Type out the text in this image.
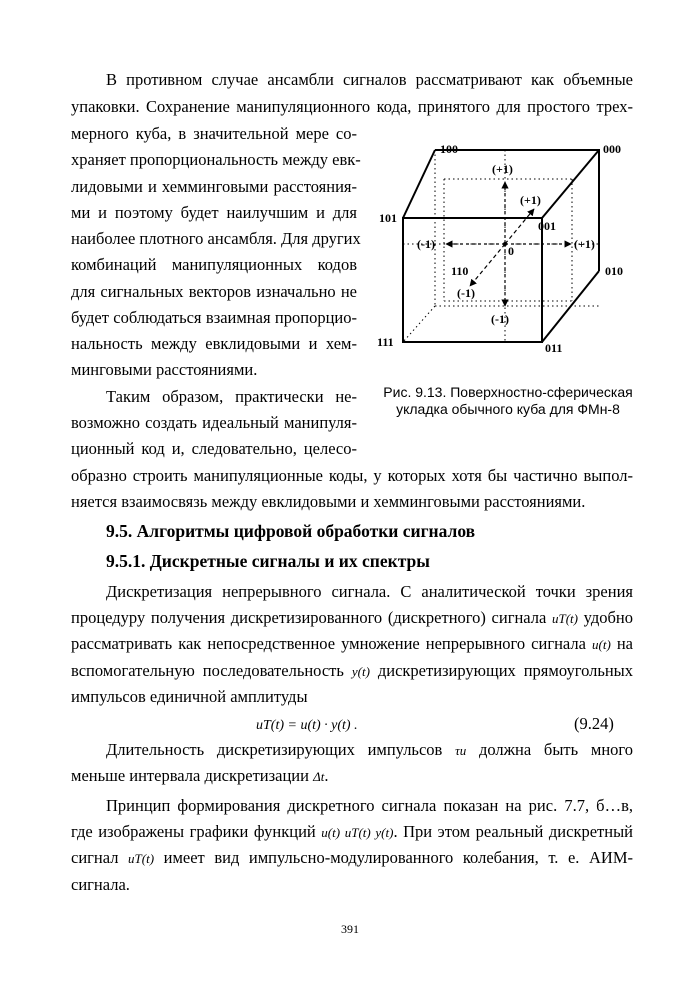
В противном случае ансамбли сигналов рассматривают как объемные
упаковки. Сохранение манипуляционного кода, принятого для простого трех-
мерного куба, в значительной мере со-
храняет пропорциональность между евк-
лидовыми и хемминговыми расстояния-
ми и поэтому будет наилучшим и для
наиболее плотного ансамбля. Для других
комбинаций манипуляционных кодов
для сигнальных векторов изначально не
будет соблюдаться взаимная пропорцио-
нальность между евклидовыми и хем-
минговыми расстояниями.
Таким образом, практически не-
возможно создать идеальный манипуля-
ционный код и, следовательно, целесо-
образно строить манипуляционные коды, у которых хотя бы частично выпол-
няется взаимосвязь между евклидовыми и хемминговыми расстояниями.
100	000
101
001
010
110
111	011
(+1)
(+1)
(-1)	(+1)
0
(-1)
(-1)
Рис. 9.13. Поверхностно-сферическая
укладка обычного куба для ФМн-8
9.5. Алгоритмы цифровой обработки сигналов
9.5.1. Дискретные сигналы и их спектры
Дискретизация непрерывного сигнала. С аналитической точки зрения
процедуру получения дискретизированного (дискретного) сигнала uT(t) удобно
рассматривать как непосредственное умножение непрерывного сигнала u(t) на
вспомогательную последовательность y(t) дискретизирующих прямоугольных
импульсов единичной амплитуды
uT(t) = u(t) · y(t) .	(9.24)
Длительность дискретизирующих импульсов τи должна быть много
меньше интервала дискретизации Δt.
Принцип формирования дискретного сигнала показан на рис. 7.7, б…в,
где изображены графики функций u(t) uT(t) y(t). При этом реальный дискретный
сигнал uT(t) имеет вид импульсно-модулированного колебания, т. е. АИМ-
сигнала.
391
